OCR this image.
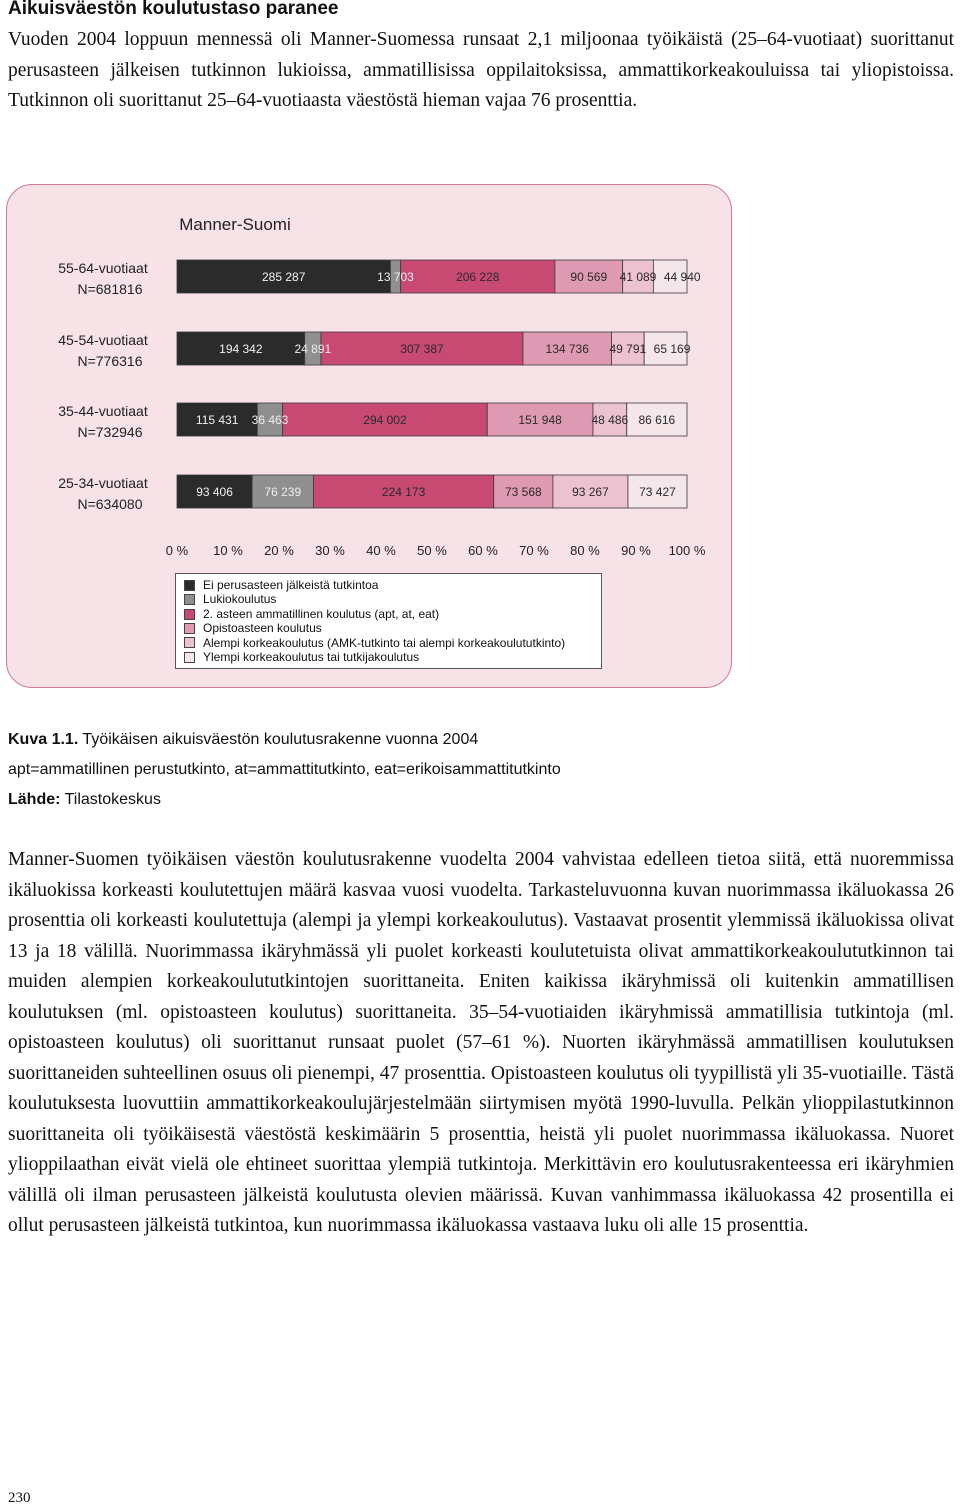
Aikuisväestön koulutustaso paranee

Vuoden 2004 loppuun mennessä oli Manner-Suomessa runsaat 2,1 miljoonaa työikäistä (25–64-vuotiaat) suorittanut perusasteen jälkeisen tutkinnon lukioissa, ammatillisissa oppilaitoksissa, ammattikorkeakouluissa tai yliopistoissa. Tutkinnon oli suorittanut 25–64-vuotiaasta väestöstä hieman vajaa 76 prosenttia.

Manner-Suomi
55-64-vuotiaat
N=681816
285 287	13 703	206 228	90 569 41 089 44 940
45-54-vuotiaat
N=776316
194 342	24 891	307 387	134 736 49 791 65 169
35-44-vuotiaat
N=732946
115 431 36 463	294 002	151 948 48 486 86 616
25-34-vuotiaat
N=634080
93 406	76 239	224 173	73 568	93 267	73 427
0 % 10 % 20 % 30 % 40 % 50 % 60 % 70 % 80 % 90 % 100 %
Ei perusasteen jälkeistä tutkintoa
Lukiokoulutus
2. asteen ammatillinen koulutus (apt, at, eat)
Opistoasteen koulutus
Alempi korkeakoulutus (AMK-tutkinto tai alempi korkeakoulututkinto)
Ylempi korkeakoulutus tai tutkijakoulutus
Kuva 1.1. Työikäisen aikuisväestön koulutusrakenne vuonna 2004
apt=ammatillinen perustutkinto, at=ammattitutkinto, eat=erikoisammattitutkinto
Lähde: Tilastokeskus

Manner-Suomen työikäisen väestön koulutusrakenne vuodelta 2004 vahvistaa edelleen tietoa siitä, että nuoremmissa ikäluokissa korkeasti koulutettujen määrä kasvaa vuosi vuodelta. Tarkasteluvuonna kuvan nuorimmassa ikäluokassa 26 prosenttia oli korkeasti koulutettuja (alempi ja ylempi korkeakoulutus). Vastaavat prosentit ylemmissä ikäluokissa olivat 13 ja 18 välillä. Nuorimmassa ikäryhmässä yli puolet korkeasti koulutetuista olivat ammattikorkeakoulututkinnon tai muiden alempien korkeakoulututkintojen suorittaneita. Eniten kaikissa ikäryhmissä oli kuitenkin ammatillisen koulutuksen (ml. opistoasteen koulutus) suorittaneita. 35–54-vuotiaiden ikäryhmissä ammatillisia tutkintoja (ml. opistoasteen koulutus) oli suorittanut runsaat puolet (57–61 %). Nuorten ikäryhmässä ammatillisen koulutuksen suorittaneiden suhteellinen osuus oli pienempi, 47 prosenttia. Opistoasteen koulutus oli tyypillistä yli 35-vuotiaille. Tästä koulutuksesta luovuttiin ammattikorkeakoulujärjestelmään siirtymisen myötä 1990-luvulla. Pelkän ylioppilastutkinnon suorittaneita oli työikäisestä väestöstä keskimäärin 5 prosenttia, heistä yli puolet nuorimmassa ikäluokassa. Nuoret ylioppilaathan eivät vielä ole ehtineet suorittaa ylempiä tutkintoja. Merkittävin ero koulutusrakenteessa eri ikäryhmien välillä oli ilman perusasteen jälkeistä koulutusta olevien määrissä. Kuvan vanhimmassa ikäluokassa 42 prosentilla ei ollut perusasteen jälkeistä tutkintoa, kun nuorimmassa ikäluokassa vastaava luku oli alle 15 prosenttia.

230
